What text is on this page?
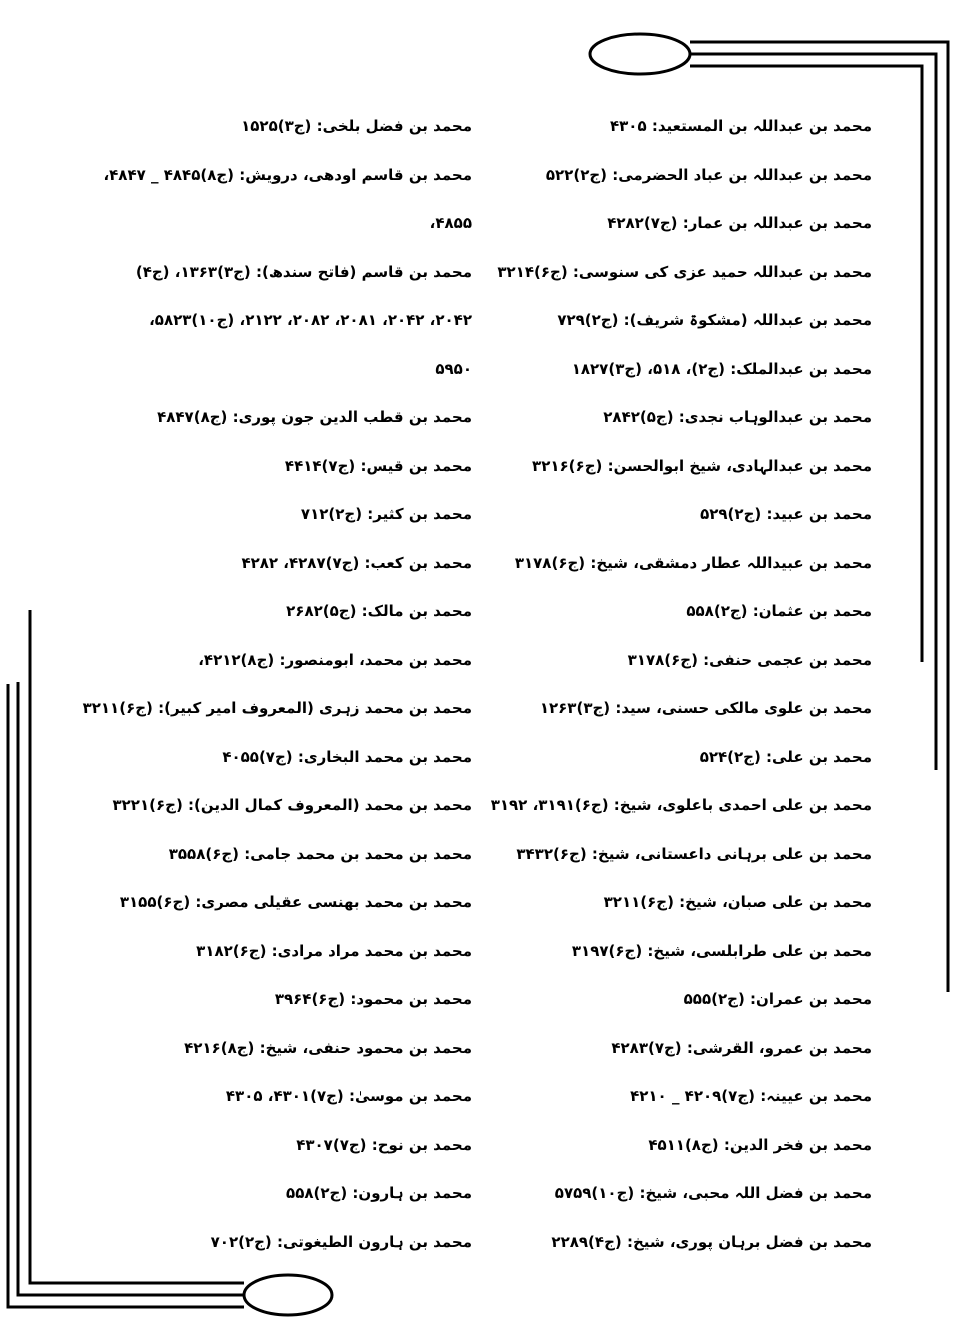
محمد بن عبداللہ بن المستعید: ۴۳۰۵
محمد بن عبداللہ بن عباد الحضرمی: (ج۲)۵۲۲
محمد بن عبداللہ بن عمار: (ج۷)۴۲۸۲
محمد بن عبداللہ حمید عزی کی سنوسی: (ج۶)۳۲۱۴
محمد بن عبداللہ (مشکوۃ شریف): (ج۲)۷۲۹
محمد بن عبدالملک: (ج۲)، ۵۱۸، (ج۳)۱۸۲۷
محمد بن عبدالوہاب نجدی: (ج۵)۲۸۴۲
محمد بن عبدالہادی، شیخ ابوالحسن: (ج۶)۳۲۱۶
محمد بن عبید: (ج۲)۵۲۹
محمد بن عبیداللہ عطار دمشقی، شیخ: (ج۶)۳۱۷۸
محمد بن عثمان: (ج۲)۵۵۸
محمد بن عجمی حنفی: (ج۶)۳۱۷۸
محمد بن علوی مالکی حسنی، سید: (ج۳)۱۲۶۳
محمد بن علی: (ج۲)۵۲۴
محمد بن علی احمدی باعلوی، شیخ: (ج۶)۳۱۹۱، ۳۱۹۲
محمد بن علی برہانی داعستانی، شیخ: (ج۶)۳۴۳۲
محمد بن علی صبان، شیخ: (ج۶)۳۲۱۱
محمد بن علی طرابلسی، شیخ: (ج۶)۳۱۹۷
محمد بن عمران: (ج۲)۵۵۵
محمد بن عمرو، القرشی: (ج۷)۴۲۸۳
محمد بن عیینہ: (ج۷)۴۲۰۹ _ ۴۲۱۰
محمد بن فخر الدین: (ج۸)۴۵۱۱
محمد بن فضل اللہ محبی، شیخ: (ج۱۰)۵۷۵۹
محمد بن فضل برہان پوری، شیخ: (ج۴)۲۲۸۹
محمد بن فضل بلخی: (ج۳)۱۵۲۵
محمد بن قاسم اودھی، درویش: (ج۸)۴۸۴۵ _ ۴۸۴۷،
۴۸۵۵،
محمد بن قاسم (فاتح سندھ): (ج۳)۱۳۶۳، (ج۴)
۲۰۴۲، ۲۰۴۲، ۲۰۸۱، ۲۰۸۲، ۲۱۲۲، (ج۱۰)۵۸۲۳،
۵۹۵۰
محمد بن قطب الدین جون پوری: (ج۸)۴۸۴۷
محمد بن قیس: (ج۷)۴۴۱۴
محمد بن کثیر: (ج۲)۷۱۲
محمد بن کعب: (ج۷)۴۲۸۷، ۴۲۸۲
محمد بن مالک: (ج۵)۲۶۸۲
محمد بن محمد، ابومنصور: (ج۸)۴۲۱۲،
محمد بن محمد زہری (المعروف امیر کبیر): (ج۶)۳۲۱۱
محمد بن محمد البخاری: (ج۷)۴۰۵۵
محمد بن محمد (المعروف کمال الدین): (ج۶)۳۲۲۱
محمد بن محمد بن محمد جامی: (ج۶)۳۵۵۸
محمد بن محمد بھنسی عقیلی مصری: (ج۶)۳۱۵۵
محمد بن محمد مراد مرادی: (ج۶)۳۱۸۲
محمد بن محمود: (ج۶)۳۹۶۴
محمد بن محمود حنفی، شیخ: (ج۸)۴۲۱۶
محمد بن موسیٰ: (ج۷)۴۳۰۱، ۴۳۰۵
محمد بن نوح: (ج۷)۴۳۰۷
محمد بن ہارون: (ج۲)۵۵۸
محمد بن ہارون الطیغوتی: (ج۲)۷۰۲
